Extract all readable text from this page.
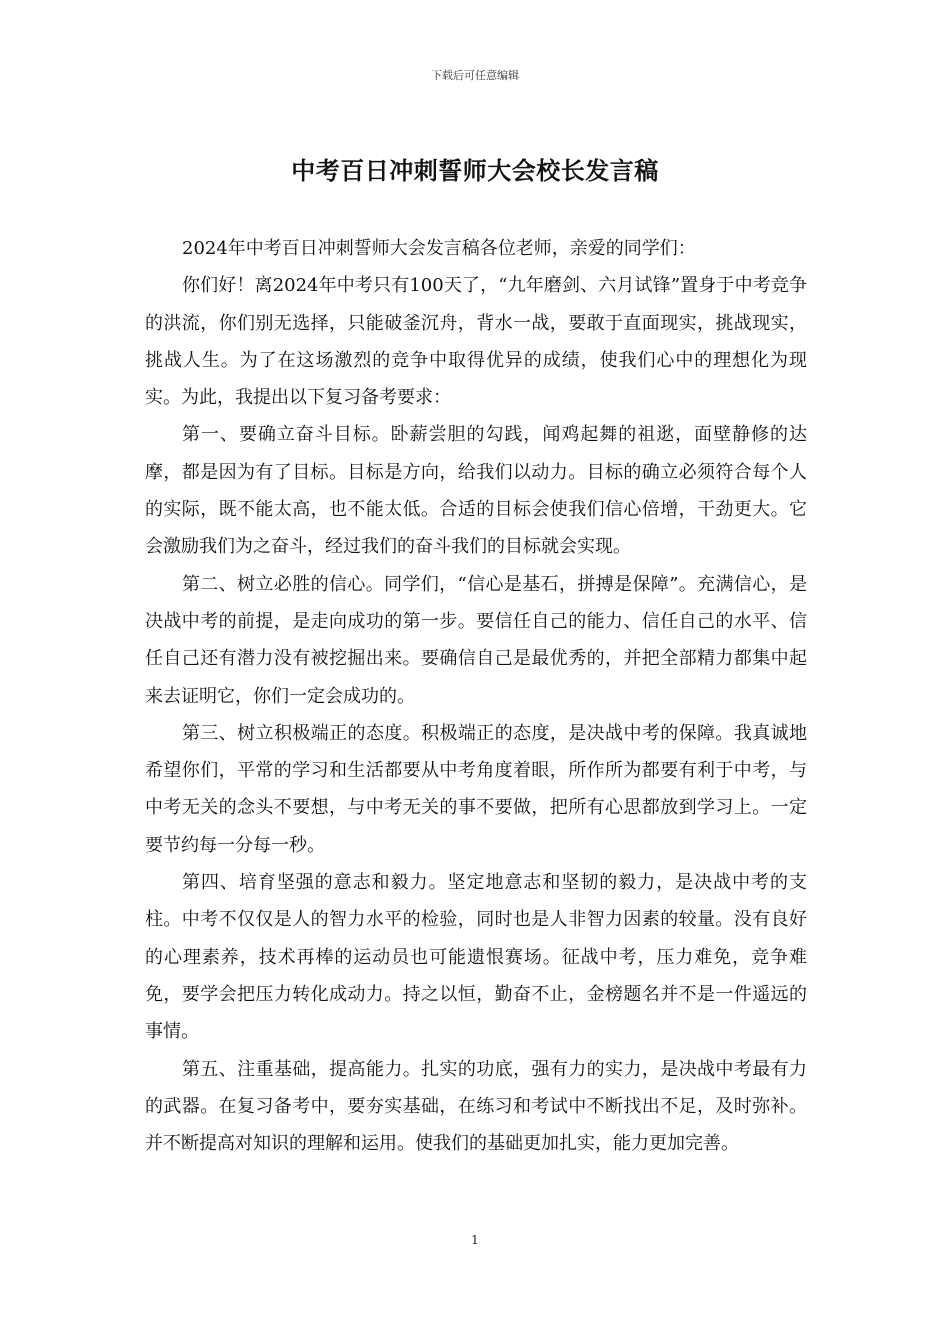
下载后可任意编辑
中考百日冲刺誓师大会校长发言稿

2024年中考百日冲刺誓师大会发言稿各位老师，亲爱的同学们：

你们好！离2024年中考只有100天了，“九年磨剑、六月试锋”置身于中考竞争的洪流，你们别无选择，只能破釜沉舟，背水一战，要敢于直面现实，挑战现实，挑战人生。为了在这场激烈的竞争中取得优异的成绩，使我们心中的理想化为现实。为此，我提出以下复习备考要求：

第一、要确立奋斗目标。卧薪尝胆的勾践，闻鸡起舞的祖逖，面壁静修的达摩，都是因为有了目标。目标是方向，给我们以动力。目标的确立必须符合每个人的实际，既不能太高，也不能太低。合适的目标会使我们信心倍增，干劲更大。它会激励我们为之奋斗，经过我们的奋斗我们的目标就会实现。

第二、树立必胜的信心。同学们，“信心是基石，拼搏是保障”。充满信心，是决战中考的前提，是走向成功的第一步。要信任自己的能力、信任自己的水平、信任自己还有潜力没有被挖掘出来。要确信自己是最优秀的，并把全部精力都集中起来去证明它，你们一定会成功的。

第三、树立积极端正的态度。积极端正的态度，是决战中考的保障。我真诚地希望你们，平常的学习和生活都要从中考角度着眼，所作所为都要有利于中考，与中考无关的念头不要想，与中考无关的事不要做，把所有心思都放到学习上。一定要节约每一分每一秒。

第四、培育坚强的意志和毅力。坚定地意志和坚韧的毅力，是决战中考的支柱。中考不仅仅是人的智力水平的检验，同时也是人非智力因素的较量。没有良好的心理素养，技术再棒的运动员也可能遗恨赛场。征战中考，压力难免，竞争难免，要学会把压力转化成动力。持之以恒，勤奋不止，金榜题名并不是一件遥远的事情。

第五、注重基础，提高能力。扎实的功底，强有力的实力，是决战中考最有力的武器。在复习备考中，要夯实基础，在练习和考试中不断找出不足，及时弥补。并不断提高对知识的理解和运用。使我们的基础更加扎实，能力更加完善。

1
